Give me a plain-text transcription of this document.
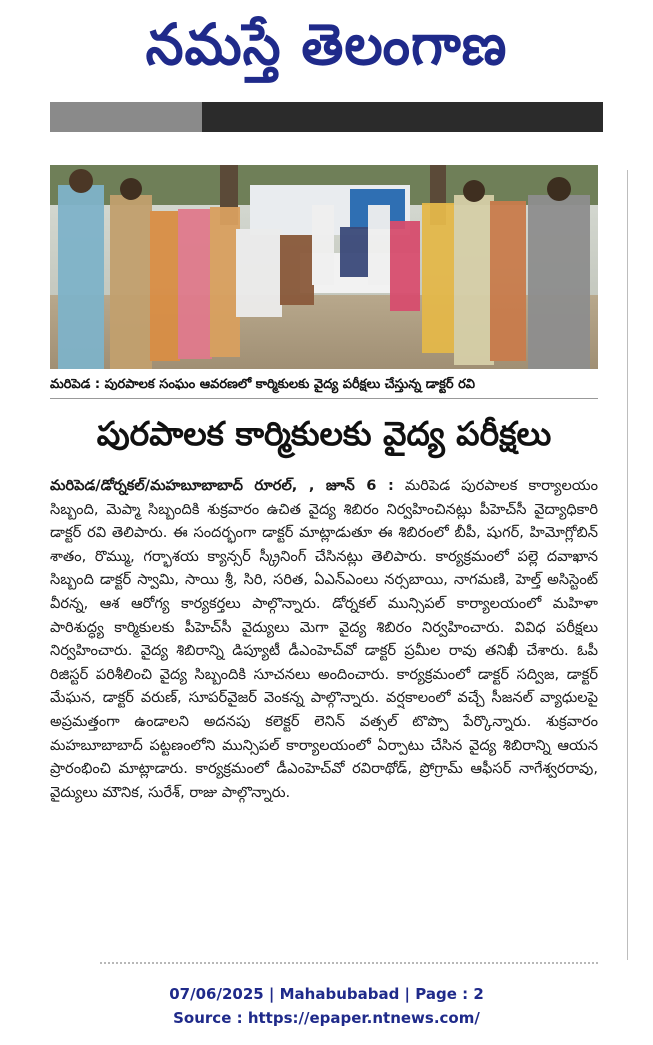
నమస్తే తెలంగాణ
మరిపెడ : పురపాలక సంఘం ఆవరణలో కార్మికులకు వైద్య పరీక్షలు చేస్తున్న డాక్టర్ రవి
పురపాలక కార్మికులకు వైద్య పరీక్షలు
మరిపెడ/డోర్నకల్/మహబూబాబాద్ రూరల్, , జూన్ 6 : మరిపెడ పురపాలక కార్యాలయం సిబ్బంది, మెప్మా సిబ్బందికి శుక్రవారం ఉచిత వైద్య శిబిరం నిర్వహించినట్లు పీహెచ్‌సీ వైద్యాధికారి డాక్టర్ రవి తెలిపారు. ఈ సందర్భంగా డాక్టర్ మాట్లాడుతూ ఈ శిబిరంలో బీపీ, షుగర్, హిమోగ్లోబిన్ శాతం, రొమ్ము, గర్భాశయ క్యాన్సర్ స్క్రీనింగ్ చేసినట్లు తెలిపారు. కార్యక్రమంలో పల్లె దవాఖాన సిబ్బంది డాక్టర్ స్వామి, సాయి శ్రీ, సిరి, సరిత, ఏఎన్ఎంలు నర్సబాయి, నాగమణి, హెల్త్ అసిస్టెంట్ వీరన్న, ఆశ ఆరోగ్య కార్యకర్తలు పాల్గొన్నారు. డోర్నకల్ మున్సిపల్ కార్యాలయంలో మహిళా పారిశుద్ధ్య కార్మికులకు పీహెచ్‌సీ వైద్యులు మెగా వైద్య శిబిరం నిర్వహించారు. వివిధ పరీక్షలు నిర్వహించారు. వైద్య శిబిరాన్ని డిప్యూటీ డీఎంహెచ్‌వో డాక్టర్ ప్రమీల రావు తనిఖీ చేశారు. ఓపీ రిజిస్టర్ పరిశీలించి వైద్య సిబ్బందికి సూచనలు అందించారు. కార్యక్రమంలో డాక్టర్ సద్విజ, డాక్టర్ మేఘన, డాక్టర్ వరుణ్, సూపర్‌వైజర్ వెంకన్న పాల్గొన్నారు. వర్షకాలంలో వచ్చే సీజనల్ వ్యాధులపై అప్రమత్తంగా ఉండాలని అదనపు కలెక్టర్ లెనిన్ వత్సల్ టొప్పొ పేర్కొన్నారు. శుక్రవారం మహబూబాబాద్ పట్టణంలోని మున్సిపల్ కార్యాలయంలో ఏర్పాటు చేసిన వైద్య శిబిరాన్ని ఆయన ప్రారంభించి మాట్లాడారు. కార్యక్రమంలో డీఎంహెచ్‌వో రవిరాథోడ్, ప్రోగ్రామ్ ఆఫీసర్ నాగేశ్వరరావు, వైద్యులు మౌనిక, సురేశ్, రాజు పాల్గొన్నారు.
07/06/2025 | Mahabubabad | Page : 2
Source : https://epaper.ntnews.com/
